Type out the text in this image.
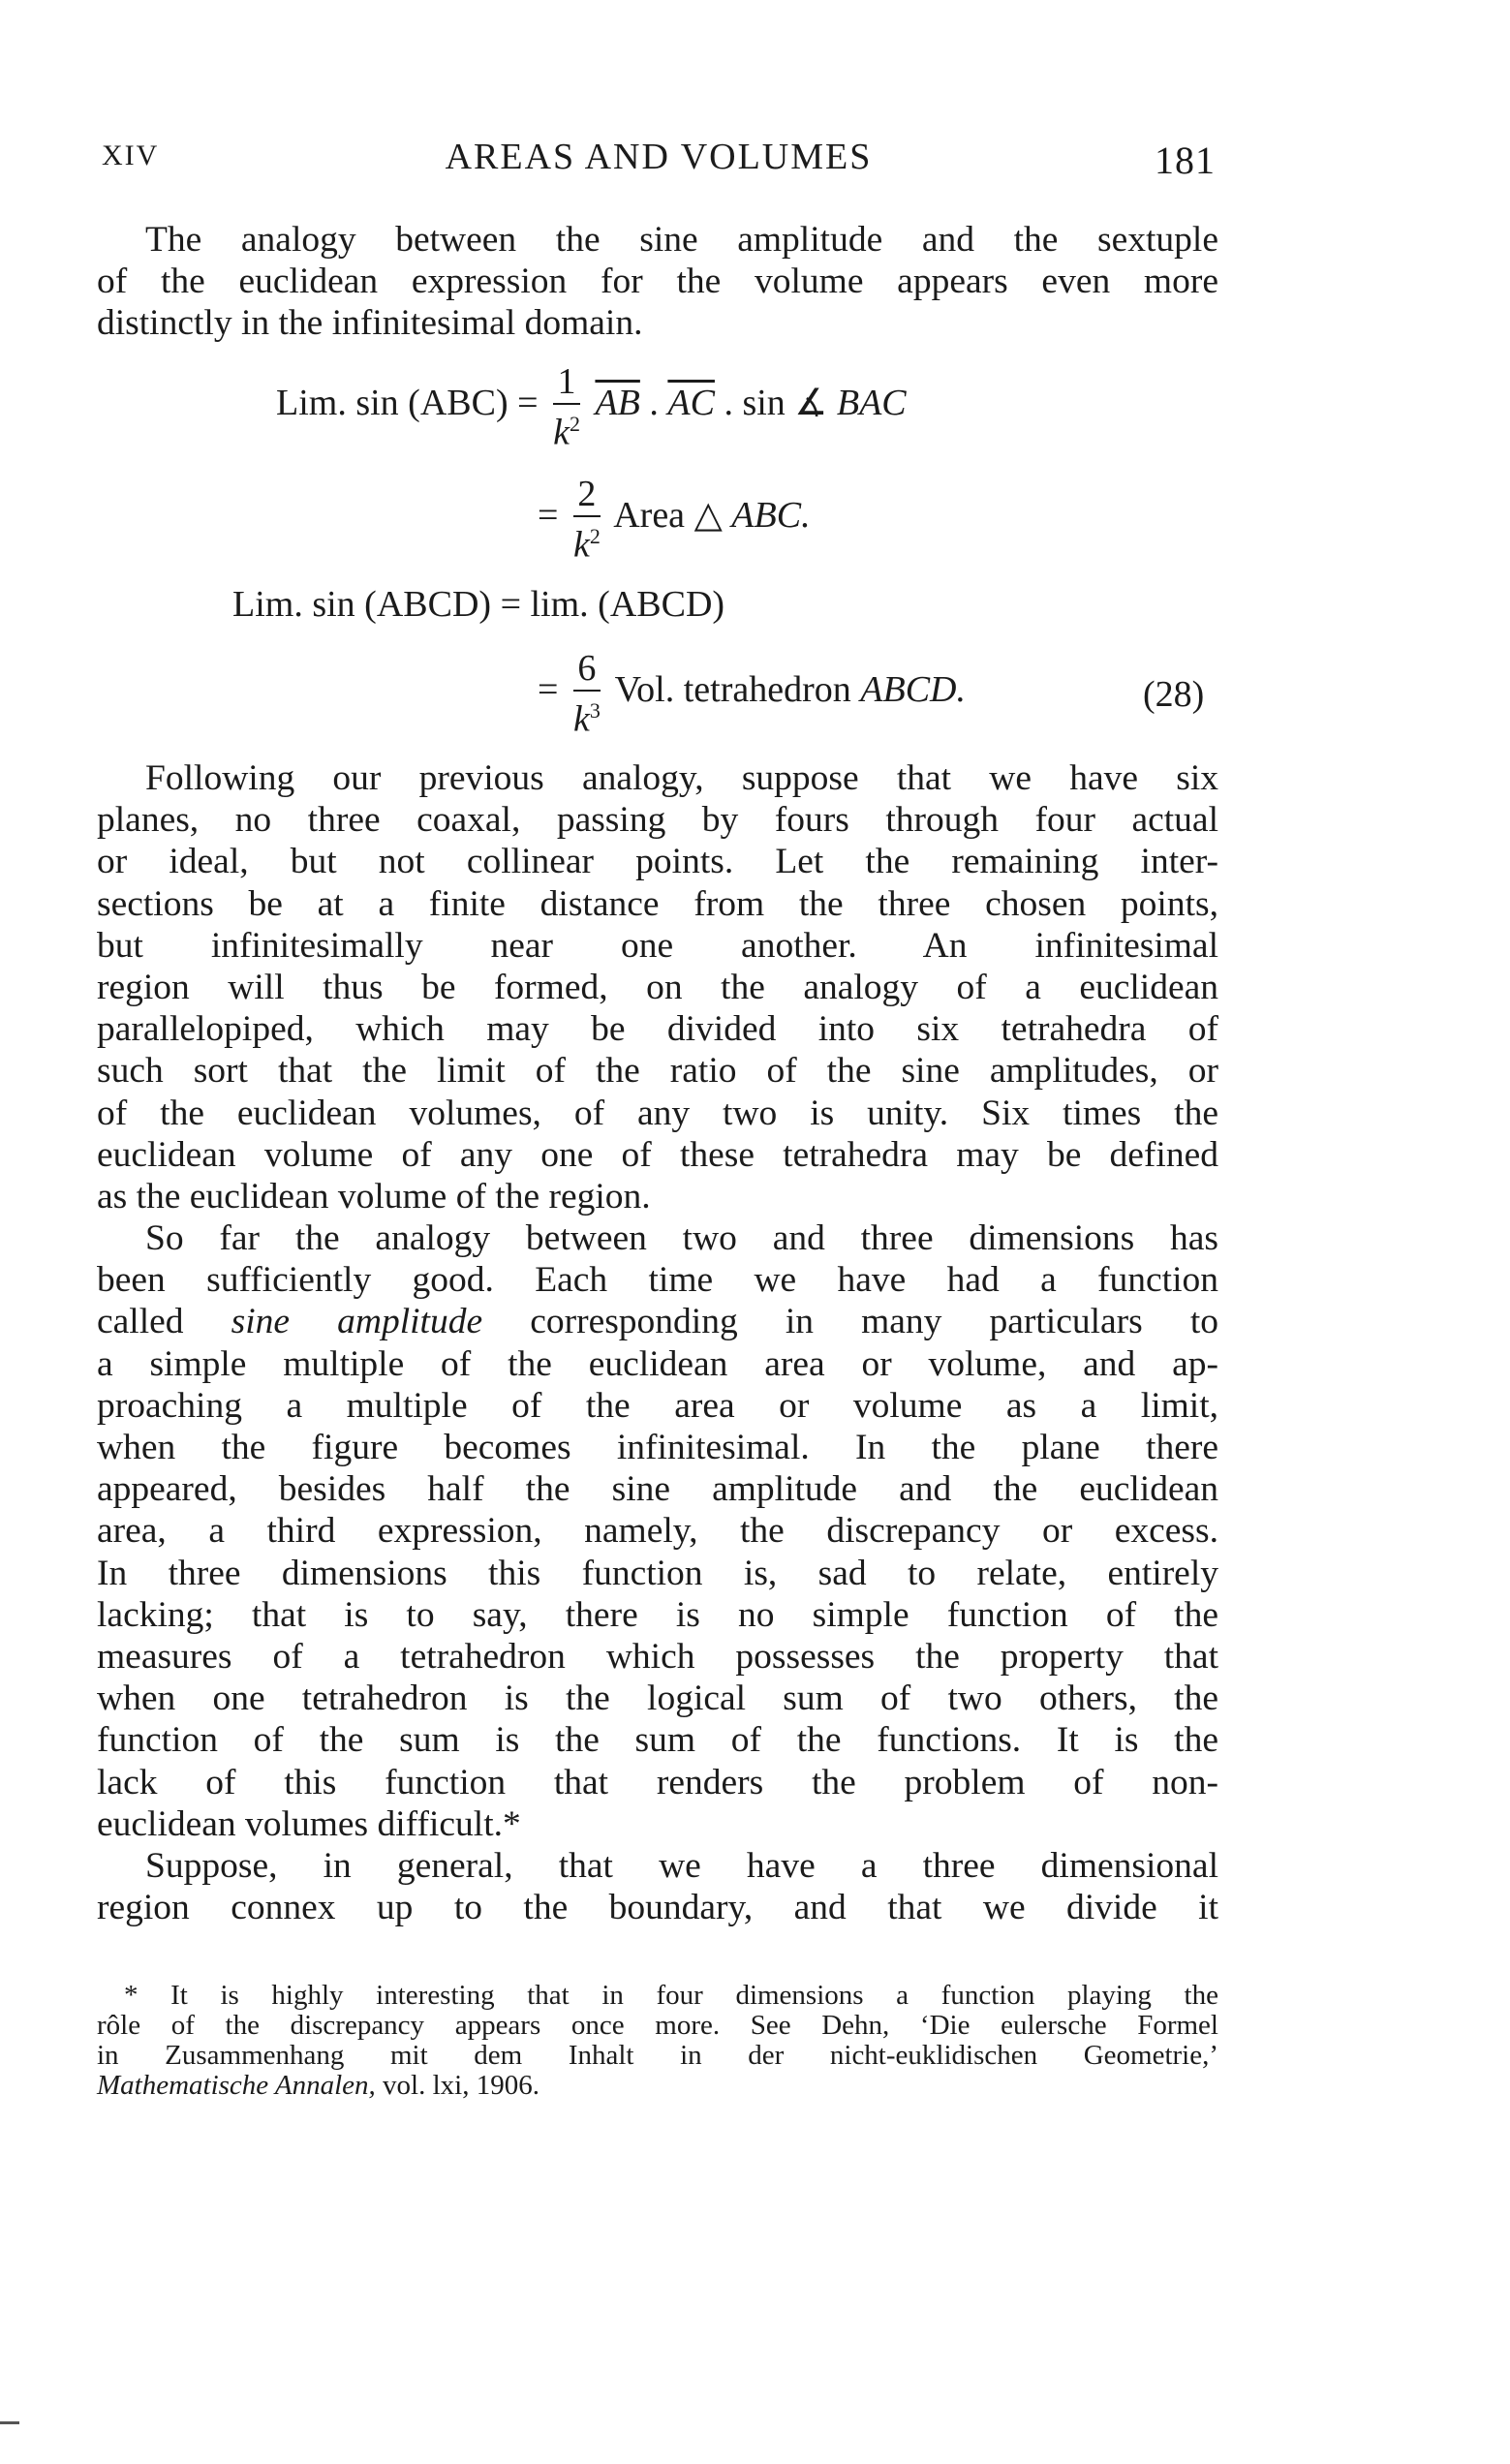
XIV	AREAS AND VOLUMES	181
The analogy between the sine amplitude and the sextuple
of the euclidean expression for the volume appears even more
distinctly in the infinitesimal domain.
Lim. $\sin (ABC) = \frac{1}{k^2} \overline{AB}$ . $\overline{AC}$ . sin ∡ BAC
= $\frac{2}{k^2}$ Area △ ABC.
Lim. sin (ABCD) = lim. (ABCD)
= $\frac{6}{k^3}$ Vol. tetrahedron ABCD.	(28)
Following our previous analogy, suppose that we have six
planes, no three coaxal, passing by fours through four actual
or ideal, but not collinear points. Let the remaining inter-
sections be at a finite distance from the three chosen points,
but infinitesimally near one another. An infinitesimal
region will thus be formed, on the analogy of a euclidean
parallelopiped, which may be divided into six tetrahedra of
such sort that the limit of the ratio of the sine amplitudes, or
of the euclidean volumes, of any two is unity. Six times the
euclidean volume of any one of these tetrahedra may be defined
as the euclidean volume of the region.
So far the analogy between two and three dimensions has
been sufficiently good. Each time we have had a function
called sine amplitude corresponding in many particulars to
a simple multiple of the euclidean area or volume, and ap-
proaching a multiple of the area or volume as a limit,
when the figure becomes infinitesimal. In the plane there
appeared, besides half the sine amplitude and the euclidean
area, a third expression, namely, the discrepancy or excess.
In three dimensions this function is, sad to relate, entirely
lacking; that is to say, there is no simple function of the
measures of a tetrahedron which possesses the property that
when one tetrahedron is the logical sum of two others, the
function of the sum is the sum of the functions. It is the
lack of this function that renders the problem of non-
euclidean volumes difficult.*
Suppose, in general, that we have a three dimensional
region connex up to the boundary, and that we divide it
* It is highly interesting that in four dimensions a function playing the
rôle of the discrepancy appears once more. See Dehn, ‘Die eulersche Formel
in Zusammenhang mit dem Inhalt in der nicht-euklidischen Geometrie,’
Mathematische Annalen, vol. lxi, 1906.
